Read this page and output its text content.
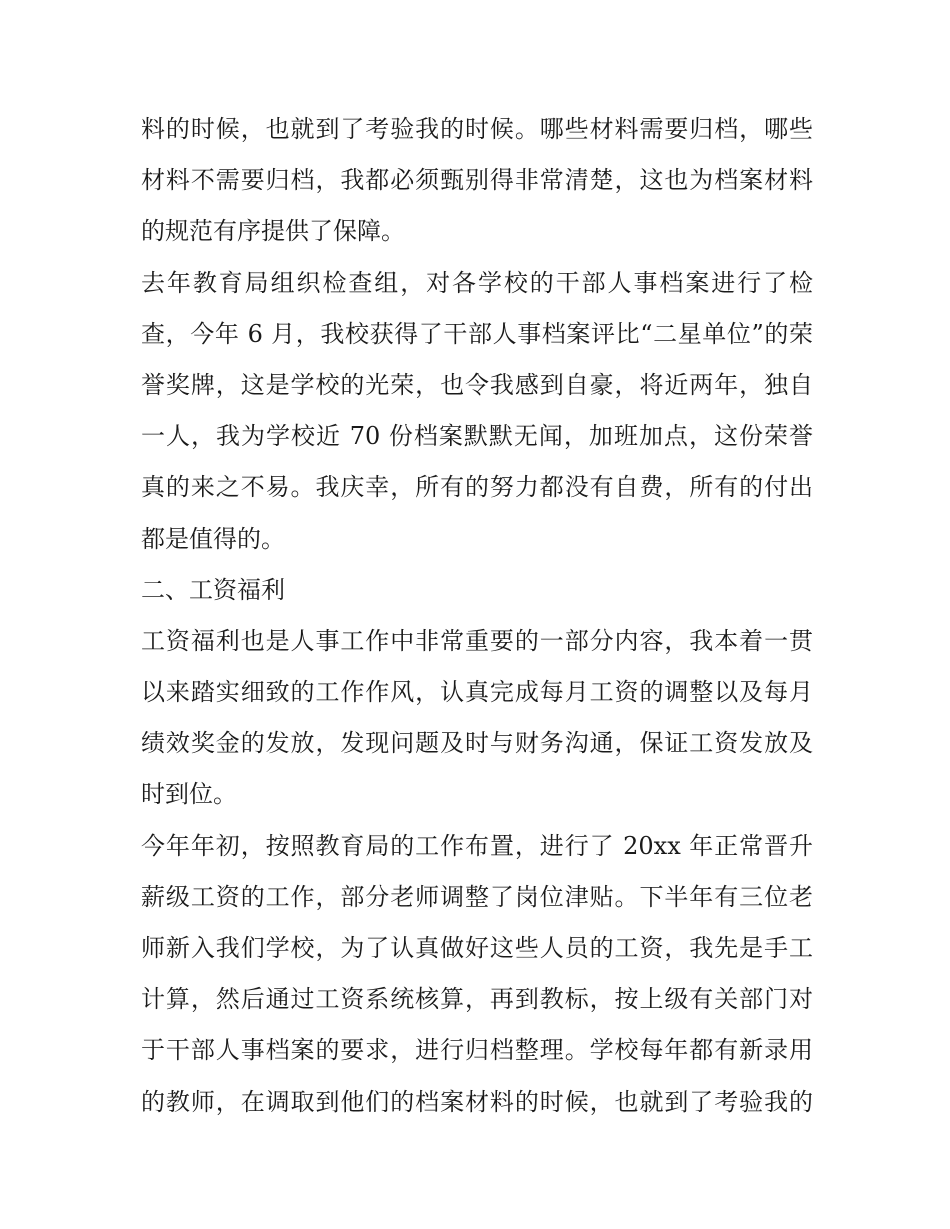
料的时候，也就到了考验我的时候。哪些材料需要归档，哪些
材料不需要归档，我都必须甄别得非常清楚，这也为档案材料
的规范有序提供了保障。
去年教育局组织检查组，对各学校的干部人事档案进行了检
查，今年 6 月，我校获得了干部人事档案评比“二星单位”的荣
誉奖牌，这是学校的光荣，也令我感到自豪，将近两年，独自
一人，我为学校近 70 份档案默默无闻，加班加点，这份荣誉
真的来之不易。我庆幸，所有的努力都没有自费，所有的付出
都是值得的。
二、工资福利
工资福利也是人事工作中非常重要的一部分内容，我本着一贯
以来踏实细致的工作作风，认真完成每月工资的调整以及每月
绩效奖金的发放，发现问题及时与财务沟通，保证工资发放及
时到位。
今年年初，按照教育局的工作布置，进行了 20xx 年正常晋升
薪级工资的工作，部分老师调整了岗位津贴。下半年有三位老
师新入我们学校，为了认真做好这些人员的工资，我先是手工
计算，然后通过工资系统核算，再到教标，按上级有关部门对
于干部人事档案的要求，进行归档整理。学校每年都有新录用
的教师，在调取到他们的档案材料的时候，也就到了考验我的
